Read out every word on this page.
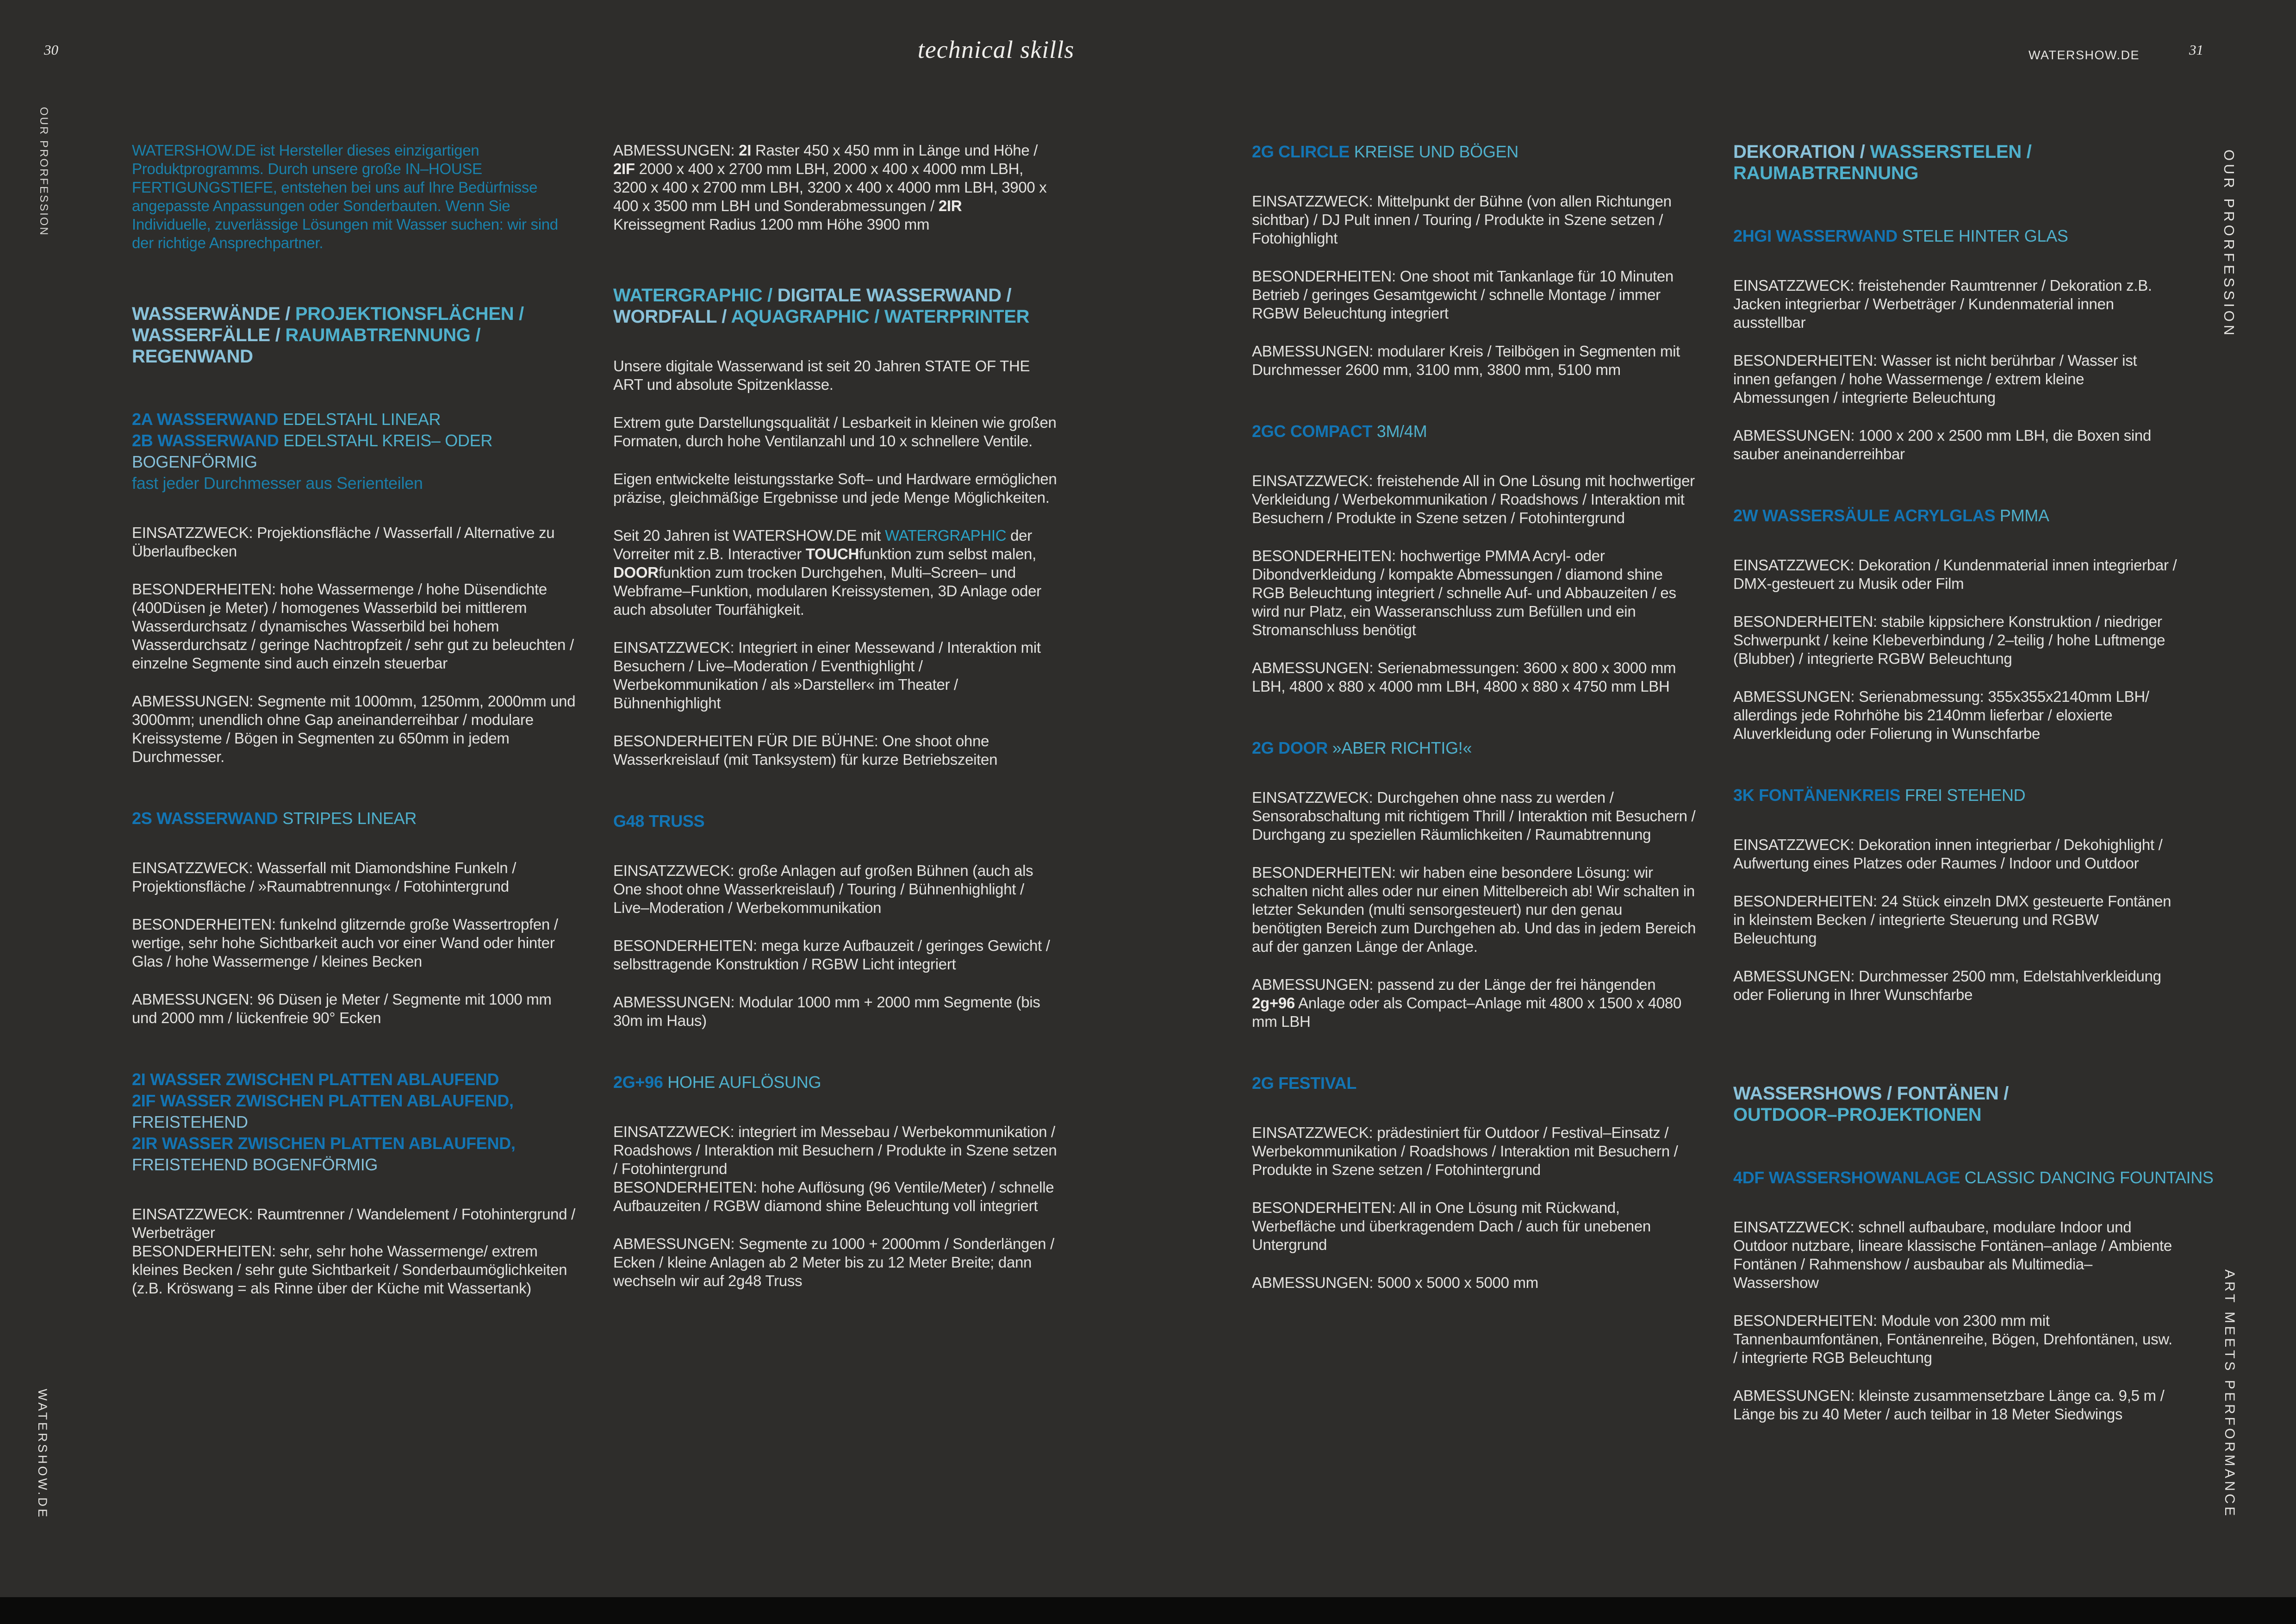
30	technical skills	WATERSHOW.DE	31
OUR PRORFESSION
WATERSHOW.DE
OUR PRORFESSION
ART MEETS PERFORMANCE
WATERSHOW.DE ist Hersteller dieses einzigartigen Produktprogramms. Durch unsere große IN–HOUSE FERTIGUNGSTIEFE, entstehen bei uns auf Ihre Bedürfnisse angepasste Anpassungen oder Sonderbauten. Wenn Sie Individuelle, zuverlässige Lösungen mit Wasser suchen: wir sind der richtige Ansprechpartner.
WASSERWÄNDE / PROJEKTIONSFLÄCHEN /
WASSERFÄLLE / RAUMABTRENNUNG /
REGENWAND
2A WASSERWAND EDELSTAHL LINEAR
2B WASSERWAND EDELSTAHL KREIS– ODER
BOGENFÖRMIG
fast jeder Durchmesser aus Serienteilen
EINSATZZWECK: Projektionsfläche / Wasserfall / Alternative zu Überlaufbecken
BESONDERHEITEN: hohe Wassermenge / hohe Düsendichte (400Düsen je Meter) / homogenes Wasserbild bei mittlerem Wasserdurchsatz / dynamisches Wasserbild bei hohem Wasserdurchsatz / geringe Nachtropfzeit / sehr gut zu beleuchten / einzelne Segmente sind auch einzeln steuerbar
ABMESSUNGEN: Segmente mit 1000mm, 1250mm, 2000mm und 3000mm; unendlich ohne Gap aneinanderreihbar / modulare Kreissysteme / Bögen in Segmenten zu 650mm in jedem Durchmesser.
2S WASSERWAND STRIPES LINEAR
EINSATZZWECK: Wasserfall mit Diamondshine Funkeln / Projektionsfläche / »Raumabtrennung« / Fotohintergrund
BESONDERHEITEN: funkelnd glitzernde große Wassertropfen / wertige, sehr hohe Sichtbarkeit auch vor einer Wand oder hinter Glas / hohe Wassermenge / kleines Becken
ABMESSUNGEN: 96 Düsen je Meter / Segmente mit 1000 mm und 2000 mm / lückenfreie 90° Ecken
2I WASSER ZWISCHEN PLATTEN ABLAUFEND
2IF WASSER ZWISCHEN PLATTEN ABLAUFEND,
FREISTEHEND
2IR WASSER ZWISCHEN PLATTEN ABLAUFEND,
FREISTEHEND BOGENFÖRMIG
EINSATZZWECK: Raumtrenner / Wandelement / Fotohintergrund / Werbeträger
BESONDERHEITEN: sehr, sehr hohe Wassermenge/ extrem kleines Becken / sehr gute Sichtbarkeit / Sonderbaumöglichkeiten
(z.B. Kröswang = als Rinne über der Küche mit Wassertank)
ABMESSUNGEN: 2I Raster 450 x 450 mm in Länge und Höhe / 2IF 2000 x 400 x 2700 mm LBH, 2000 x 400 x 4000 mm LBH, 3200 x 400 x 2700 mm LBH, 3200 x 400 x 4000 mm LBH, 3900 x 400 x 3500 mm LBH und Sonderabmessungen / 2IR Kreissegment Radius 1200 mm Höhe 3900 mm
WATERGRAPHIC / DIGITALE WASSERWAND /
WORDFALL / AQUAGRAPHIC / WATERPRINTER
Unsere digitale Wasserwand ist seit 20 Jahren STATE OF THE ART und absolute Spitzenklasse.
Extrem gute Darstellungsqualität / Lesbarkeit in kleinen wie großen Formaten, durch hohe Ventilanzahl und 10 x schnellere Ventile.
Eigen entwickelte leistungsstarke Soft– und Hardware ermöglichen präzise, gleichmäßige Ergebnisse und jede Menge Möglichkeiten.
Seit 20 Jahren ist WATERSHOW.DE mit WATERGRAPHIC der Vorreiter mit z.B. Interactiver TOUCHfunktion zum selbst malen, DOORfunktion zum trocken Durchgehen, Multi–Screen– und Webframe–Funktion, modularen Kreissystemen, 3D Anlage oder auch absoluter Tourfähigkeit.
EINSATZZWECK: Integriert in einer Messewand / Interaktion mit Besuchern / Live–Moderation / Eventhighlight / Werbekommunikation / als »Darsteller« im Theater / Bühnenhighlight
BESONDERHEITEN FÜR DIE BÜHNE: One shoot ohne Wasserkreislauf (mit Tanksystem) für kurze Betriebszeiten
G48 TRUSS
EINSATZZWECK: große Anlagen auf großen Bühnen (auch als One shoot ohne Wasserkreislauf) / Touring / Bühnenhighlight / Live–Moderation / Werbekommunikation
BESONDERHEITEN: mega kurze Aufbauzeit / geringes Gewicht / selbsttragende Konstruktion / RGBW Licht integriert
ABMESSUNGEN: Modular 1000 mm + 2000 mm Segmente (bis 30m im Haus)
2G+96 HOHE AUFLÖSUNG
EINSATZZWECK: integriert im Messebau / Werbekommunikation / Roadshows / Interaktion mit Besuchern / Produkte in Szene setzen / Fotohintergrund
BESONDERHEITEN: hohe Auflösung (96 Ventile/Meter) / schnelle Aufbauzeiten / RGBW diamond shine Beleuchtung voll integriert
ABMESSUNGEN: Segmente zu 1000 + 2000mm / Sonderlängen / Ecken / kleine Anlagen ab 2 Meter bis zu 12 Meter Breite; dann wechseln wir auf 2g48 Truss
2G CLIRCLE KREISE UND BÖGEN
EINSATZZWECK: Mittelpunkt der Bühne (von allen Richtungen sichtbar) / DJ Pult innen / Touring / Produkte in Szene setzen / Fotohighlight
BESONDERHEITEN: One shoot mit Tankanlage für 10 Minuten Betrieb / geringes Gesamtgewicht / schnelle Montage / immer RGBW Beleuchtung integriert
ABMESSUNGEN: modularer Kreis / Teilbögen in Segmenten mit Durchmesser 2600 mm, 3100 mm, 3800 mm, 5100 mm
2GC COMPACT 3M/4M
EINSATZZWECK: freistehende All in One Lösung mit hochwertiger Verkleidung / Werbekommunikation / Roadshows / Interaktion mit Besuchern / Produkte in Szene setzen / Fotohintergrund
BESONDERHEITEN: hochwertige PMMA Acryl- oder Dibondverkleidung / kompakte Abmessungen / diamond shine RGB Beleuchtung integriert / schnelle Auf- und Abbauzeiten / es wird nur Platz, ein Wasseranschluss zum Befüllen und ein Stromanschluss benötigt
ABMESSUNGEN: Serienabmessungen: 3600 x 800 x 3000 mm LBH, 4800 x 880 x 4000 mm LBH, 4800 x 880 x 4750 mm LBH
2G DOOR »ABER RICHTIG!«
EINSATZZWECK: Durchgehen ohne nass zu werden / Sensorabschaltung mit richtigem Thrill / Interaktion mit Besuchern / Durchgang zu speziellen Räumlichkeiten / Raumabtrennung
BESONDERHEITEN: wir haben eine besondere Lösung: wir schalten nicht alles oder nur einen Mittelbereich ab! Wir schalten in letzter Sekunden (multi sensorgesteuert) nur den genau benötigten Bereich zum Durchgehen ab. Und das in jedem Bereich auf der ganzen Länge der Anlage.
ABMESSUNGEN: passend zu der Länge der frei hängenden 2g+96 Anlage oder als Compact–Anlage mit 4800 x 1500 x 4080 mm LBH
2G FESTIVAL
EINSATZZWECK: prädestiniert für Outdoor / Festival–Einsatz / Werbekommunikation / Roadshows / Interaktion mit Besuchern / Produkte in Szene setzen / Fotohintergrund
BESONDERHEITEN: All in One Lösung mit Rückwand, Werbefläche und überkragendem Dach / auch für unebenen Untergrund
ABMESSUNGEN: 5000 x 5000 x 5000 mm
DEKORATION / WASSERSTELEN /
RAUMABTRENNUNG
2HGI WASSERWAND STELE HINTER GLAS
EINSATZZWECK: freistehender Raumtrenner / Dekoration z.B. Jacken integrierbar / Werbeträger / Kundenmaterial innen ausstellbar
BESONDERHEITEN: Wasser ist nicht berührbar / Wasser ist innen gefangen / hohe Wassermenge / extrem kleine Abmessungen / integrierte Beleuchtung
ABMESSUNGEN: 1000 x 200 x 2500 mm LBH, die Boxen sind sauber aneinanderreihbar
2W WASSERSÄULE ACRYLGLAS PMMA
EINSATZZWECK: Dekoration / Kundenmaterial innen integrierbar / DMX-gesteuert zu Musik oder Film
BESONDERHEITEN: stabile kippsichere Konstruktion / niedriger Schwerpunkt / keine Klebeverbindung / 2–teilig / hohe Luftmenge (Blubber) / integrierte RGBW Beleuchtung
ABMESSUNGEN: Serienabmessung: 355x355x2140mm LBH/ allerdings jede Rohrhöhe bis 2140mm lieferbar / eloxierte Aluverkleidung oder Folierung in Wunschfarbe
3K FONTÄNENKREIS FREI STEHEND
EINSATZZWECK: Dekoration innen integrierbar / Dekohighlight / Aufwertung eines Platzes oder Raumes / Indoor und Outdoor
BESONDERHEITEN: 24 Stück einzeln DMX gesteuerte Fontänen in kleinstem Becken / integrierte Steuerung und RGBW Beleuchtung
ABMESSUNGEN: Durchmesser 2500 mm, Edelstahlverkleidung oder Folierung in Ihrer Wunschfarbe
WASSERSHOWS / FONTÄNEN /
OUTDOOR–PROJEKTIONEN
4DF WASSERSHOWANLAGE CLASSIC DANCING FOUNTAINS
EINSATZZWECK: schnell aufbaubare, modulare Indoor und Outdoor nutzbare, lineare klassische Fontänen–anlage / Ambiente Fontänen / Rahmenshow / ausbaubar als Multimedia–Wassershow
BESONDERHEITEN: Module von 2300 mm mit Tannenbaumfontänen, Fontänenreihe, Bögen, Drehfontänen, usw. / integrierte RGB Beleuchtung
ABMESSUNGEN: kleinste zusammensetzbare Länge ca. 9,5 m / Länge bis zu 40 Meter / auch teilbar in 18 Meter Siedwings
